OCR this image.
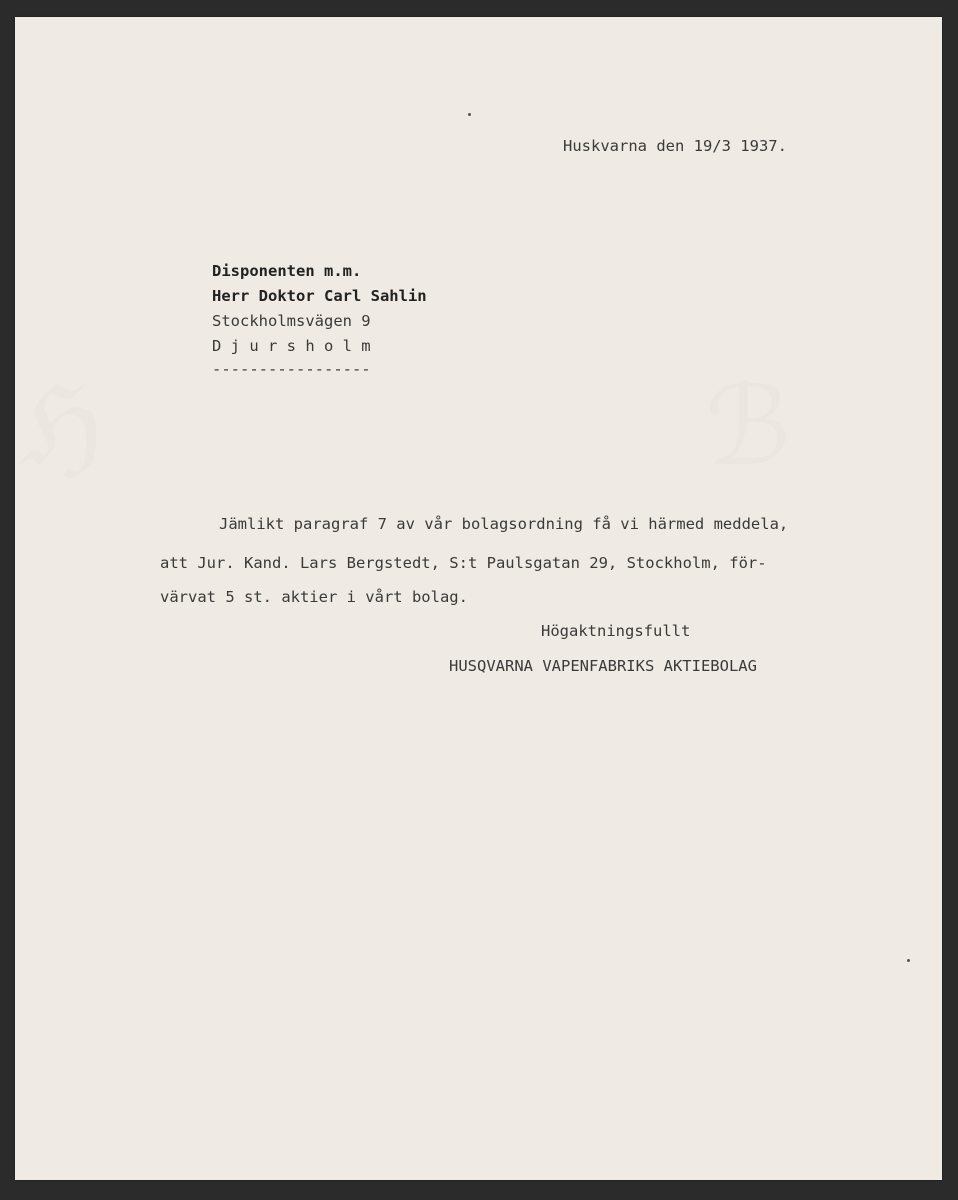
ℌ	ℬ
Huskvarna den 19/3 1937.
Disponenten m.m.
Herr Doktor Carl Sahlin
Stockholmsvägen 9
D j u r s h o l m
-----------------
Jämlikt paragraf 7 av vår bolagsordning få vi härmed meddela,
att Jur. Kand. Lars Bergstedt, S:t Paulsgatan 29, Stockholm, för-
värvat 5 st. aktier i vårt bolag.
Högaktningsfullt
HUSQVARNA VAPENFABRIKS AKTIEBOLAG
